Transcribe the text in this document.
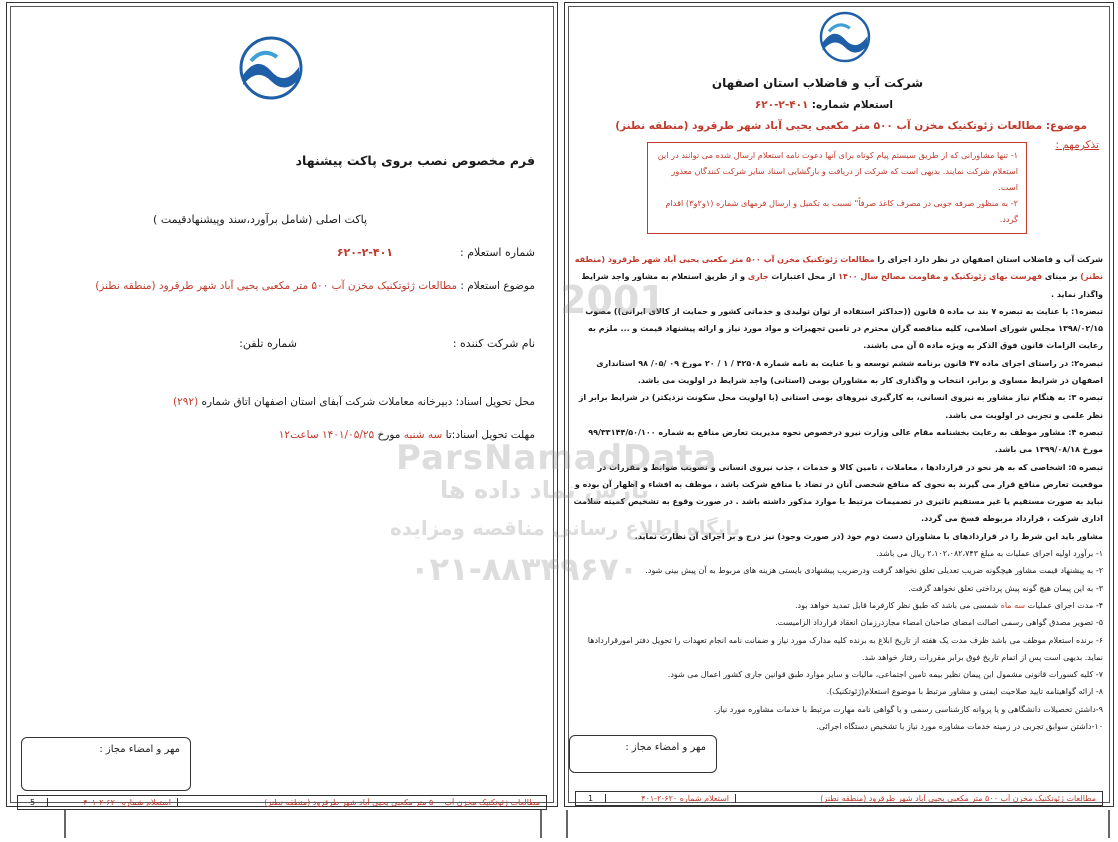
فرم مخصوص نصب بروی پاکت پیشنهاد
پاکت اصلی (شامل برآورد،سند وپیشنهادقیمت )
شماره استعلام :  ۴۰۱-۲-۶۲۰
موضوع استعلام : مطالعات ژئوتکنیک مخزن آب ۵۰۰ متر مکعبی یحیی آباد شهر طرقرود (منطقه نطنز)
نام شرکت کننده :
شماره تلفن:
محل تحویل اسناد: دبیرخانه معاملات شرکت آبفای استان اصفهان اتاق شماره (۲۹۲)
مهلت تحویل اسناد:تا سه شنبه مورخ ۱۴۰۱/۰۵/۲۵ ساعت۱۲
مهر و امضاء مجاز :
مطالعات ژئوتکنیک مخزن آب ۵۰۰ متر مکعبی یحیی آباد شهر طرقرود (منطقه نطنز)
استعلام شماره ۶۲۰-۲-۴۰۱
5
شرکت آب و فاضلاب استان اصفهان
استعلام شماره: ۴۰۱-۲-۶۲۰
موضوع: مطالعات ژئوتکنیک مخزن آب ۵۰۰ متر مکعبی یحیی آباد شهر طرقرود (منطقه نطنز)
تذکرمهم :

۱- تنها مشاورانی که از طریق سیستم پیام کوتاه برای آنها دعوت نامه استعلام ارسال شده می توانند در این استعلام شرکت نمایند. بدیهی است که شرکت از دریافت و بازگشایی اسناد سایر شرکت کنندگان معذور است.

۲- به منظور صرفه جویی در مصرف کاغذ صرفاً" نسبت به تکمیل و ارسال فرمهای شماره (۱و۲و۳) اقدام گردد.

شرکت آب و فاضلاب استان اصفهان در نظر دارد اجرای را مطالعات ژئوتکنیک مخزن آب ۵۰۰ متر مکعبی یحیی آباد شهر طرقرود (منطقه نطنز) بر مبنای فهرست بهای ژئوتکنیک و مقاومت مصالح سال ۱۴۰۰ از محل اعتبارات جاری و از طریق استعلام به مشاور واجد شرایط واگذار نماید .

تبصره۱: با عنایت به تبصره ۷ بند ب ماده ۵ قانون ((حداکثر استفاده از توان تولیدی و خدماتی کشور و حمایت از کالای ایرانی)) مصوب ۱۳۹۸/۰۲/۱۵ مجلس شورای اسلامی، کلیه مناقصه گران محترم در تامین تجهیزات و مواد مورد نیاز و ارائه پیشنهاد قیمت و ... ملزم به رعایت الزامات قانون فوق الذکر به ویژه ماده ۵ آن می باشند.

تبصره۲: در راستای اجرای ماده ۴۷ قانون برنامه ششم توسعه و با عنایت به نامه شماره ۴۲۵۰۸ / ۱ / ۲۰ مورخ ۰۹ /۰۵/ ۹۸ استانداری اصفهان در شرایط مساوی و برابر، انتخاب و واگذاری کار به مشاوران بومی (استانی) واجد شرایط در اولویت می باشد.

تبصره ۳: به هنگام نیاز مشاور به نیروی انسانی، به کارگیری نیروهای بومی استانی (با اولویت محل سکونت نزدیکتر) در شرایط برابر از نظر علمی و تجربی در اولویت می باشد.

تبصره ۴: مشاور موظف به رعایت بخشنامه مقام عالی وزارت نیرو درخصوص نحوه مدیریت تعارض منافع به شماره ۹۹/۳۳۱۴۴/۵۰/۱۰۰ مورخ ۱۳۹۹/۰۸/۱۸ می باشد.

تبصره ۵: اشخاصی که به هر نحو در قراردادها ، معاملات ، تامین کالا و خدمات ، جذب نیروی انسانی و تصویب ضوابط و مقررات در موقعیت تعارض منافع قرار می گیرند به نحوی که منافع شخصی آنان در تضاد با منافع شرکت باشد ، موظف به افشاء و اظهار آن بوده و نباید به صورت مستقیم یا غیر مستقیم تاثیری در تصمیمات مرتبط با موارد مذکور داشته باشد . در صورت وقوع به تشخیص کمیته سلامت اداری شرکت ، قرارداد مربوطه فسخ می گردد.

مشاور باید این شرط را در قراردادهای با مشاوران دست دوم خود (در صورت وجود) نیز درج و بر اجرای آن نظارت نماید.

۱- برآورد اولیه اجرای عملیات به مبلغ ۲،۱۰۲،۰۸۲،۷۴۳ ریال می باشد.

۲- به پیشنهاد قیمت مشاور هیچگونه ضریب تعدیلی تعلق نخواهد گرفت ودرضریب پیشنهادی بایستی هزینه های مربوط به آن پیش بینی شود.

۳- به این پیمان هیچ گونه پیش پرداختی تعلق نخواهد گرفت.

۴- مدت اجرای عملیات سه ماه شمسی می باشد که طبق نظر کارفرما قابل تمدید خواهد بود.

۵- تصویر مصدق گواهی رسمی اصالت امضای صاحبان امضاء مجازدرزمان انعقاد قرارداد الزامیست.

۶- برنده استعلام موظف می باشد ظرف مدت یک هفته از تاریخ ابلاغ به برنده کلیه مدارک مورد نیاز و ضمانت نامه انجام تعهدات را تحویل دفتر امورقراردادها نماید. بدیهی است پس از اتمام تاریخ فوق برابر مقررات رفتار خواهد شد.

۷- کلیه کسورات قانونی مشمول این پیمان نظیر بیمه تامین اجتماعی، مالیات و سایر موارد طبق قوانین جاری کشور اعمال می شود.

۸- ارائه گواهینامه تایید صلاحیت ایمنی و مشاور مرتبط با موضوع استعلام(ژئوتکنیک).

۹-داشتن تحصیلات دانشگاهی و یا پروانه کارشناسی رسمی و یا گواهی نامه مهارت مرتبط با خدمات مشاوره مورد نیاز.

۱۰-داشتن سوابق تجربی در زمینه خدمات مشاوره مورد نیاز با تشخیص دستگاه اجرائی.

مهر و امضاء مجاز :
مطالعات ژئوتکنیک مخزن آب ۵۰۰ متر مکعبی یحیی آباد شهر طرقرود (منطقه نطنز)
استعلام شماره ۶۲۰-۲-۴۰۱
1
2001
ParsNamadData
پارس نماد داده ها
پایگاه اطلاع رسانی مناقصه ومزایده
۰۲۱-۸۸۳۴۹۶۷۰
